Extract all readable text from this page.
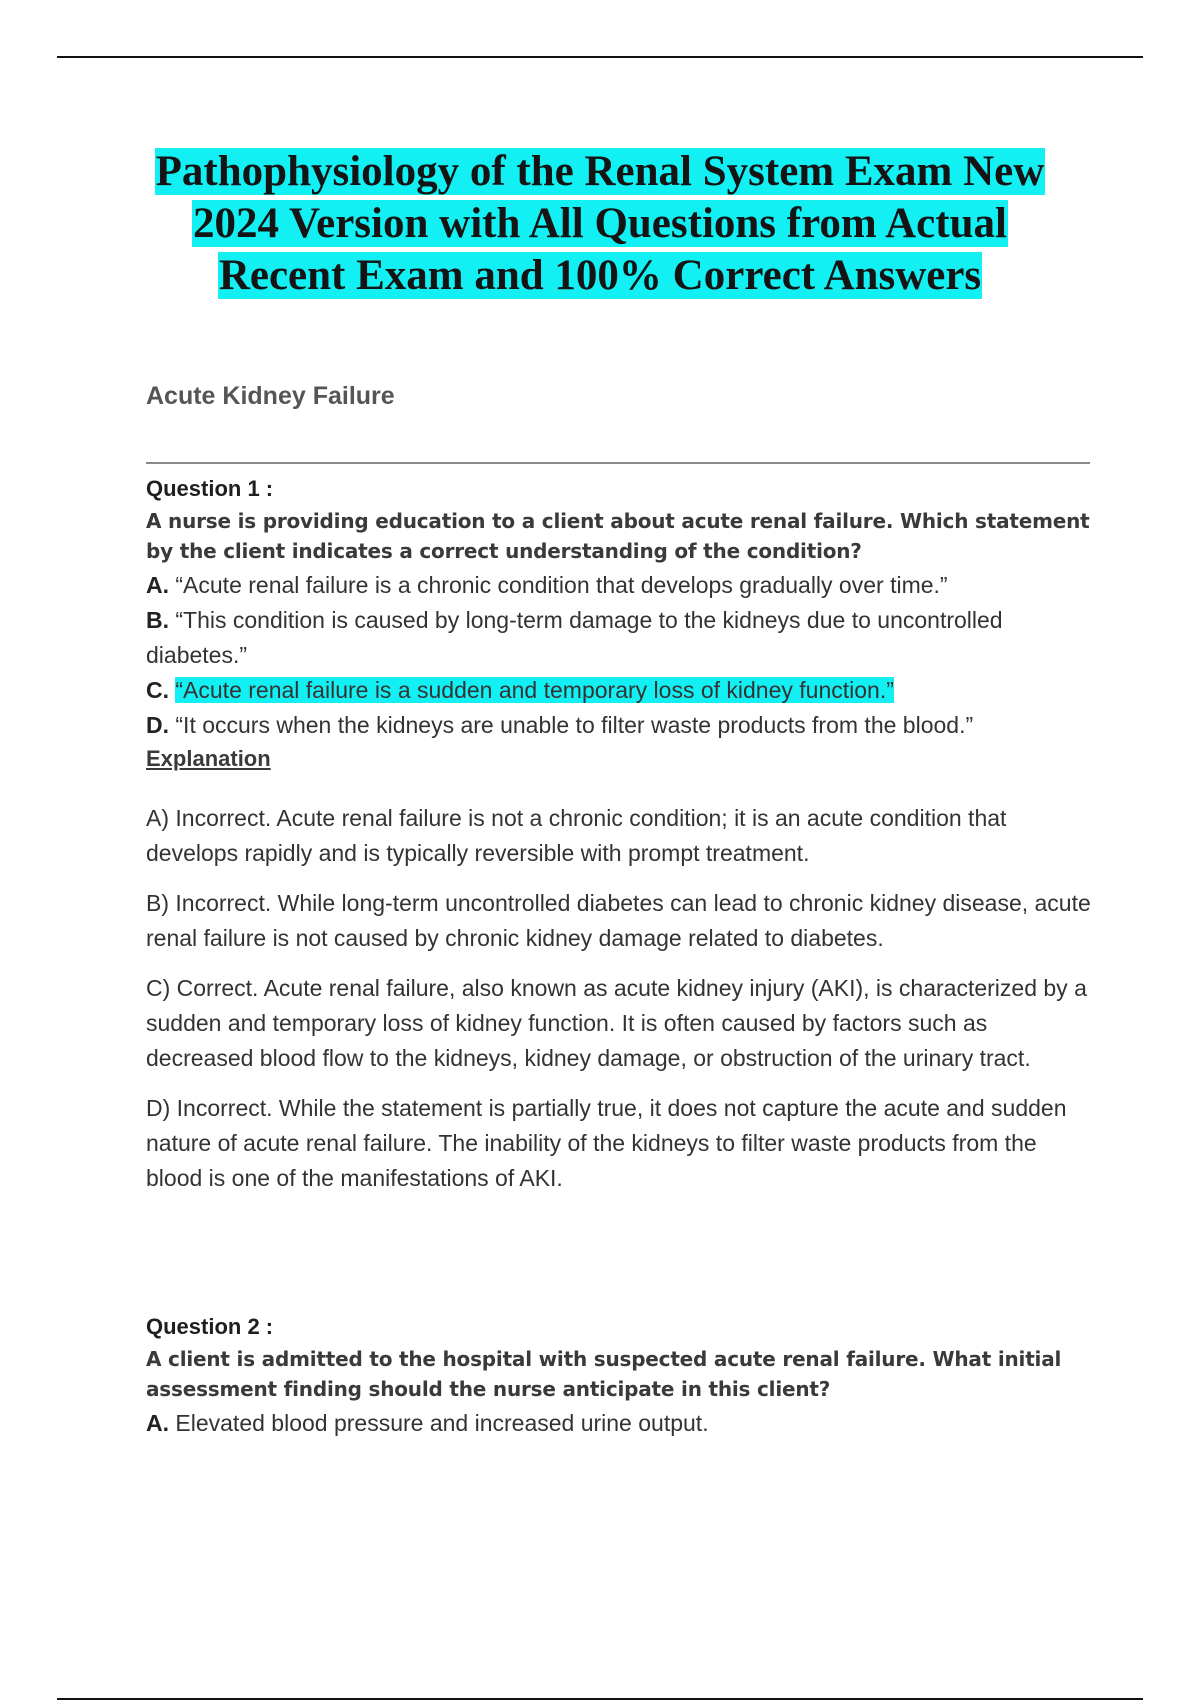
Pathophysiology of the Renal System Exam New
2024 Version with All Questions from Actual
Recent Exam and 100% Correct Answers
Acute Kidney Failure

Question 1 :

A nurse is providing education to a client about acute renal failure. Which statement by the client indicates a correct understanding of the condition?

A. “Acute renal failure is a chronic condition that develops gradually over time.”

B. “This condition is caused by long-term damage to the kidneys due to uncontrolled diabetes.”

C. “Acute renal failure is a sudden and temporary loss of kidney function.”

D. “It occurs when the kidneys are unable to filter waste products from the blood.”

Explanation

A) Incorrect. Acute renal failure is not a chronic condition; it is an acute condition that develops rapidly and is typically reversible with prompt treatment.

B) Incorrect. While long-term uncontrolled diabetes can lead to chronic kidney disease, acute renal failure is not caused by chronic kidney damage related to diabetes.

C) Correct. Acute renal failure, also known as acute kidney injury (AKI), is characterized by a sudden and temporary loss of kidney function. It is often caused by factors such as decreased blood flow to the kidneys, kidney damage, or obstruction of the urinary tract.

D) Incorrect. While the statement is partially true, it does not capture the acute and sudden nature of acute renal failure. The inability of the kidneys to filter waste products from the blood is one of the manifestations of AKI.

Question 2 :

A client is admitted to the hospital with suspected acute renal failure. What initial assessment finding should the nurse anticipate in this client?

A. Elevated blood pressure and increased urine output.
